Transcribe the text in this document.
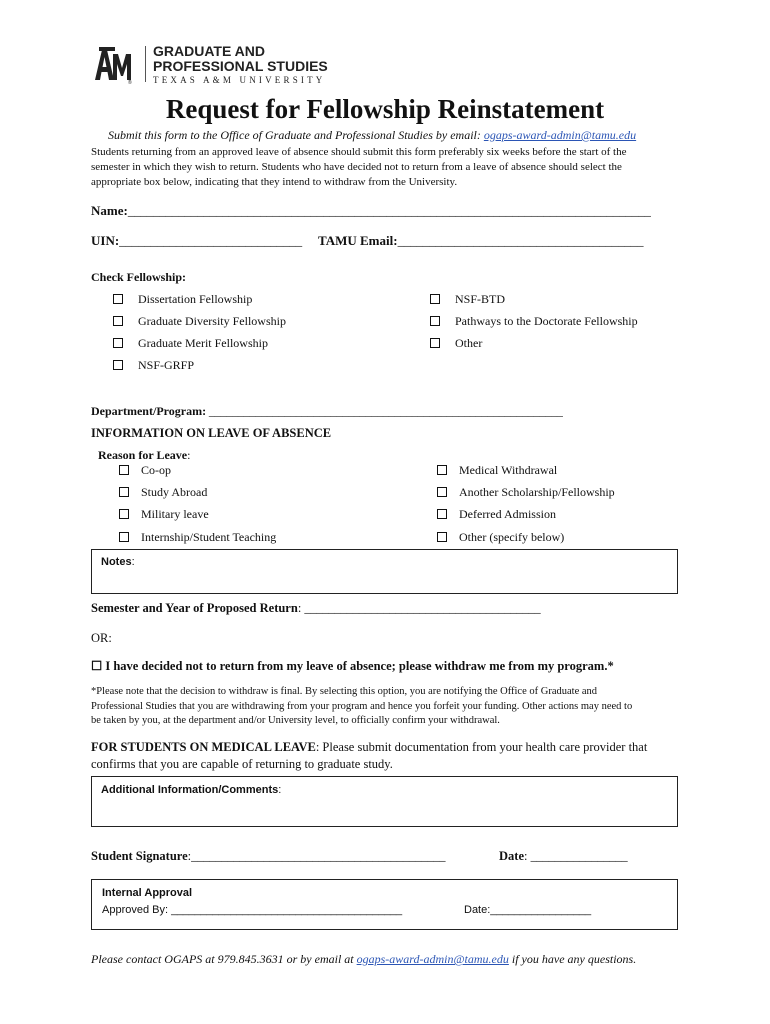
®
GRADUATE AND
PROFESSIONAL STUDIES
TEXAS A&M UNIVERSITY
Request for Fellowship Reinstatement
Submit this form to the Office of Graduate and Professional Studies by email: ogaps-award-admin@tamu.edu
Students returning from an approved leave of absence should submit this form preferably six weeks before the start of the
semester in which they wish to return. Students who have decided not to return from a leave of absence should select the
appropriate box below, indicating that they intend to withdraw from the University.
Name:___________________________________________________________________________________
UIN:_____________________________ TAMU Email:_______________________________________
Check Fellowship:
Dissertation Fellowship
Graduate Diversity Fellowship
Graduate Merit Fellowship
NSF-GRFP
NSF-BTD
Pathways to the Doctorate Fellowship
Other
Department/Program: _____________________________________________________________
INFORMATION ON LEAVE OF ABSENCE
Reason for Leave:
Co-op
Study Abroad
Military leave
Internship/Student Teaching
Medical Withdrawal
Another Scholarship/Fellowship
Deferred Admission
Other (specify below)
Notes:
Semester and Year of Proposed Return: _______________________________________
OR:
☐ I have decided not to return from my leave of absence; please withdraw me from my program.*
*Please note that the decision to withdraw is final. By selecting this option, you are notifying the Office of Graduate and
Professional Studies that you are withdrawing from your program and hence you forfeit your funding. Other actions may need to
be taken by you, at the department and/or University level, to officially confirm your withdrawal.
FOR STUDENTS ON MEDICAL LEAVE: Please submit documentation from your health care provider that
confirms that you are capable of returning to graduate study.
Additional Information/Comments:
Student Signature:__________________________________________	Date: ________________
Internal Approval
Approved By: _______________________________________	Date:_________________
Please contact OGAPS at 979.845.3631 or by email at ogaps-award-admin@tamu.edu if you have any questions.
